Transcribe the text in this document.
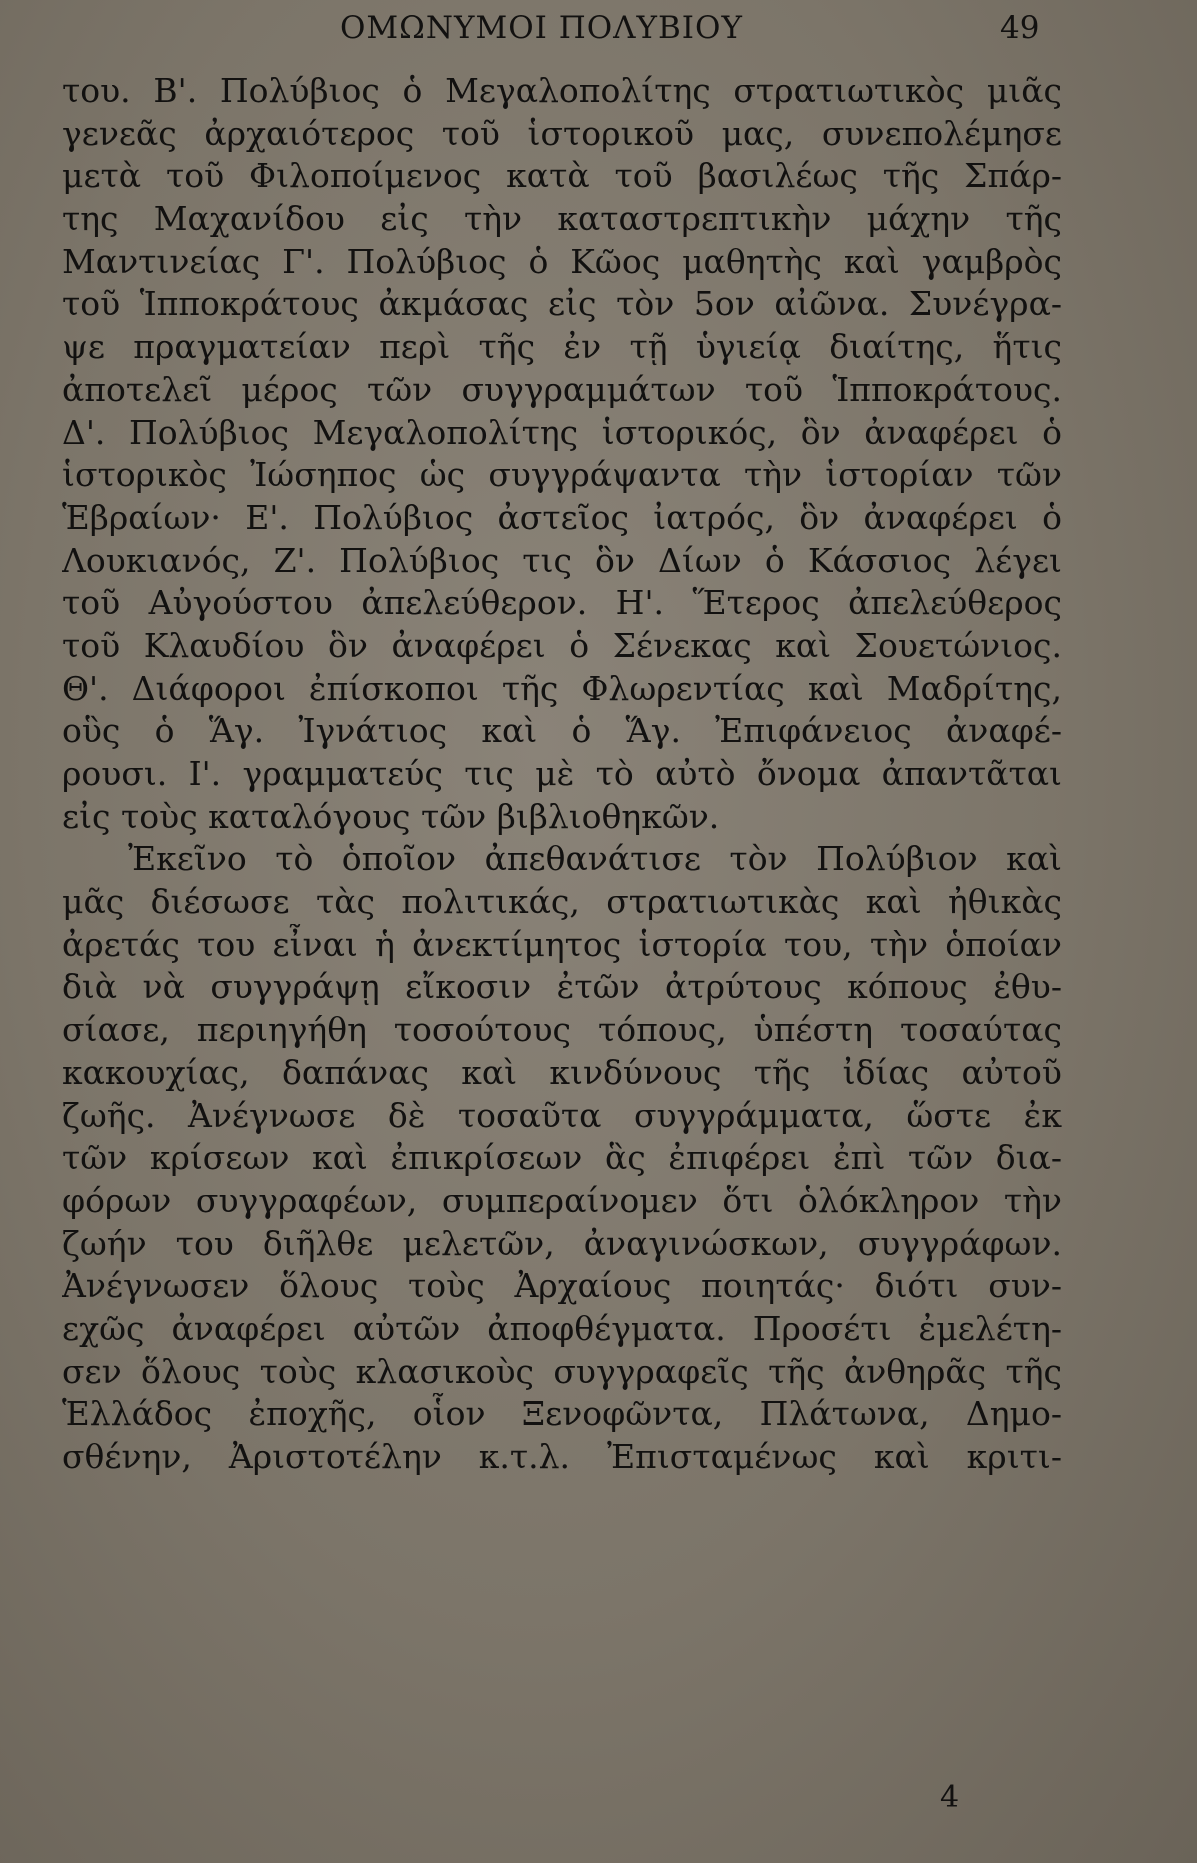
ΟΜΩΝΥΜΟΙ ΠΟΛΥΒΙΟΥ	49
του. Β'. Πολύβιος ὁ Μεγαλοπολίτης στρατιωτικὸς μιᾶς
γενεᾶς ἀρχαιότερος τοῦ ἱστορικοῦ μας, συνεπολέμησε
μετὰ τοῦ Φιλοποίμενος κατὰ τοῦ βασιλέως τῆς Σπάρ-
της Μαχανίδου εἰς τὴν καταστρεπτικὴν μάχην τῆς
Μαντινείας Γ'. Πολύβιος ὁ Κῶος μαθητὴς καὶ γαμβρὸς
τοῦ Ἱπποκράτους ἀκμάσας εἰς τὸν 5ον αἰῶνα. Συνέγρα-
ψε πραγματείαν περὶ τῆς ἐν τῇ ὑγιείᾳ διαίτης, ἥτις
ἀποτελεῖ μέρος τῶν συγγραμμάτων τοῦ Ἱπποκράτους.
Δ'. Πολύβιος Μεγαλοπολίτης ἱστορικός, ὃν ἀναφέρει ὁ
ἱστορικὸς Ἰώσηπος ὡς συγγράψαντα τὴν ἱστορίαν τῶν
Ἑβραίων· Ε'. Πολύβιος ἀστεῖος ἰατρός, ὃν ἀναφέρει ὁ
Λουκιανός, Ζ'. Πολύβιος τις ὃν Δίων ὁ Κάσσιος λέγει
τοῦ Αὐγούστου ἀπελεύθερον. Η'. Ἕτερος ἀπελεύθερος
τοῦ Κλαυδίου ὃν ἀναφέρει ὁ Σένεκας καὶ Σουετώνιος.
Θ'. Διάφοροι ἐπίσκοποι τῆς Φλωρεντίας καὶ Μαδρίτης,
οὓς ὁ Ἅγ. Ἰγνάτιος καὶ ὁ Ἅγ. Ἐπιφάνειος ἀναφέ-
ρουσι. Ι'. γραμματεύς τις μὲ τὸ αὐτὸ ὄνομα ἀπαντᾶται
εἰς τοὺς καταλόγους τῶν βιβλιοθηκῶν.
Ἐκεῖνο τὸ ὁποῖον ἀπεθανάτισε τὸν Πολύβιον καὶ
μᾶς διέσωσε τὰς πολιτικάς, στρατιωτικὰς καὶ ἠθικὰς
ἀρετάς του εἶναι ἡ ἀνεκτίμητος ἱστορία του, τὴν ὁποίαν
διὰ νὰ συγγράψῃ εἴκοσιν ἐτῶν ἀτρύτους κόπους ἐθυ-
σίασε, περιηγήθη τοσούτους τόπους, ὑπέστη τοσαύτας
κακουχίας, δαπάνας καὶ κινδύνους τῆς ἰδίας αὐτοῦ
ζωῆς. Ἀνέγνωσε δὲ τοσαῦτα συγγράμματα, ὥστε ἐκ
τῶν κρίσεων καὶ ἐπικρίσεων ἃς ἐπιφέρει ἐπὶ τῶν δια-
φόρων συγγραφέων, συμπεραίνομεν ὅτι ὁλόκληρον τὴν
ζωήν του διῆλθε μελετῶν, ἀναγινώσκων, συγγράφων.
Ἀνέγνωσεν ὅλους τοὺς Ἀρχαίους ποιητάς· διότι συν-
εχῶς ἀναφέρει αὐτῶν ἀποφθέγματα. Προσέτι ἐμελέτη-
σεν ὅλους τοὺς κλασικοὺς συγγραφεῖς τῆς ἀνθηρᾶς τῆς
Ἑλλάδος ἐποχῆς, οἷον Ξενοφῶντα, Πλάτωνα, Δημο-
σθένην, Ἀριστοτέλην κ.τ.λ. Ἐπισταμένως καὶ κριτι-
4
